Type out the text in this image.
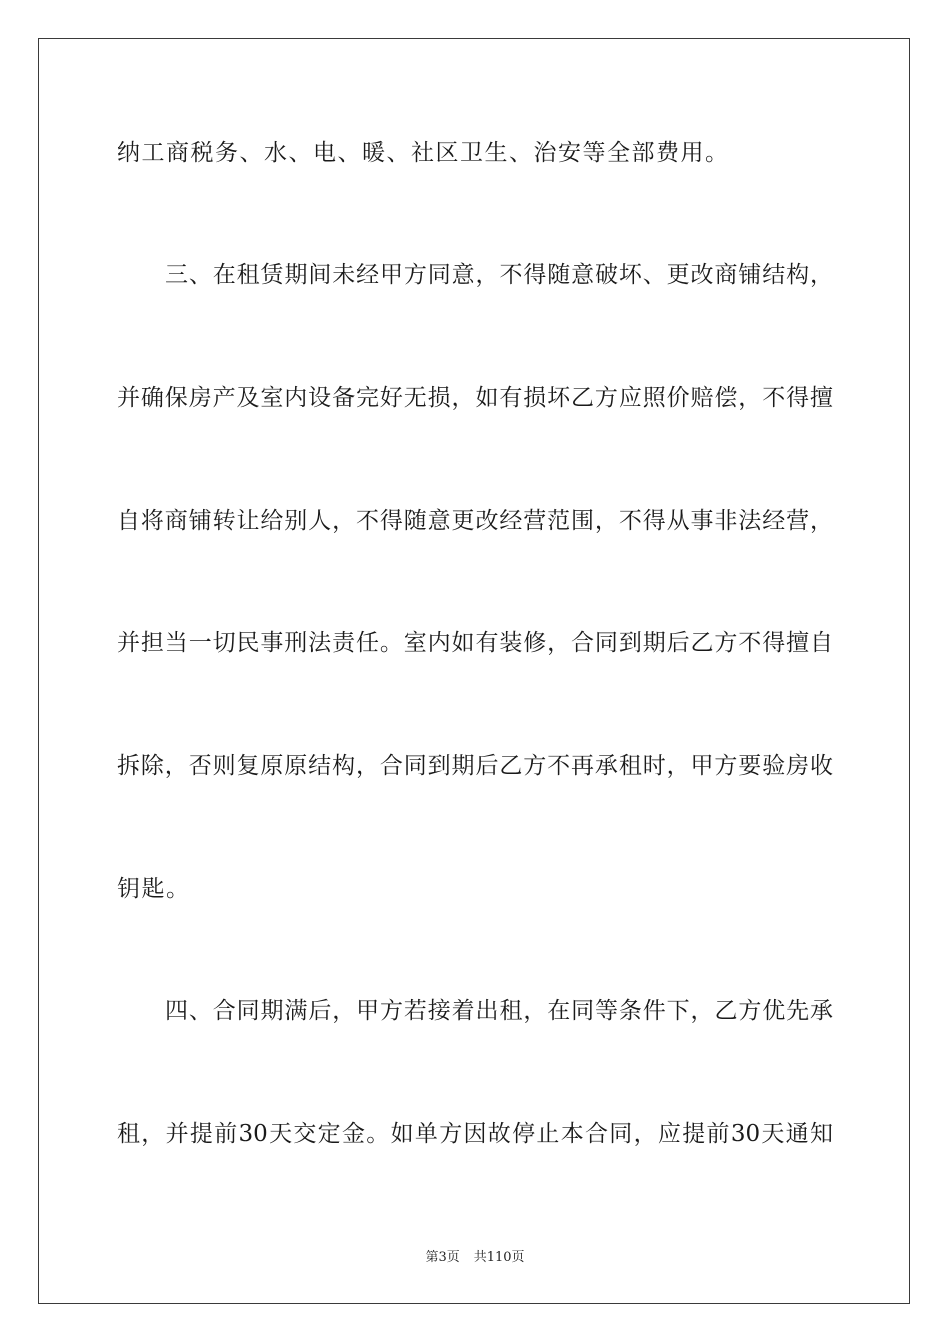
纳工商税务、水、电、暖、社区卫生、治安等全部费用。
三、在租赁期间未经甲方同意，不得随意破坏、更改商铺结构，
并确保房产及室内设备完好无损，如有损坏乙方应照价赔偿，不得擅
自将商铺转让给别人，不得随意更改经营范围，不得从事非法经营，
并担当一切民事刑法责任。室内如有装修，合同到期后乙方不得擅自
拆除，否则复原原结构，合同到期后乙方不再承租时，甲方要验房收
钥匙。
四、合同期满后，甲方若接着出租，在同等条件下，乙方优先承
租，并提前30天交定金。如单方因故停止本合同，应提前30天通知
第3页 共110页
